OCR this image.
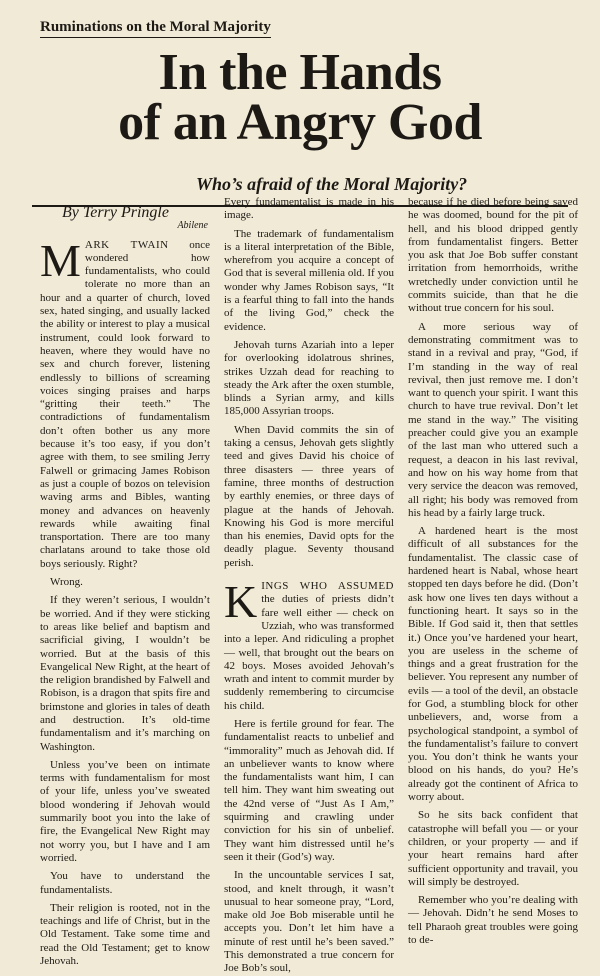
Ruminations on the Moral Majority
In the Hands
of an Angry God
Who’s afraid of the Moral Majority?
By Terry Pringle
Abilene

MARK TWAIN once wondered how fundamentalists, who could tolerate no more than an hour and a quarter of church, loved sex, hated singing, and usually lacked the ability or interest to play a musical instrument, could look forward to heaven, where they would have no sex and church forever, listening endlessly to billions of screaming voices singing praises and harps “gritting their teeth.” The contradictions of fundamentalism don’t often bother us any more because it’s too easy, if you don’t agree with them, to see smiling Jerry Falwell or grimacing James Robison as just a couple of bozos on television waving arms and Bibles, wanting money and advances on heavenly rewards while awaiting final transportation. There are too many charlatans around to take those old boys seriously. Right?

Wrong.

If they weren’t serious, I wouldn’t be worried. And if they were sticking to areas like belief and baptism and sacrificial giving, I wouldn’t be worried. But at the basis of this Evangelical New Right, at the heart of the religion brandished by Falwell and Robison, is a dragon that spits fire and brimstone and glories in tales of death and destruction. It’s old-time fundamentalism and it’s marching on Washington.

Unless you’ve been on intimate terms with fundamentalism for most of your life, unless you’ve sweated blood wondering if Jehovah would summarily boot you into the lake of fire, the Evangelical New Right may not worry you, but I have and I am worried.

You have to understand the fundamentalists.

Their religion is rooted, not in the teachings and life of Christ, but in the Old Testament. Take some time and read the Old Testament; get to know Jehovah.

Every fundamentalist is made in his image.

The trademark of fundamentalism is a literal interpretation of the Bible, wherefrom you acquire a concept of God that is several millenia old. If you wonder why James Robison says, “It is a fearful thing to fall into the hands of the living God,” check the evidence.

Jehovah turns Azariah into a leper for overlooking idolatrous shrines, strikes Uzzah dead for reaching to steady the Ark after the oxen stumble, blinds a Syrian army, and kills 185,000 Assyrian troops.

When David commits the sin of taking a census, Jehovah gets slightly teed and gives David his choice of three disasters — three years of famine, three months of destruction by earthly enemies, or three days of plague at the hands of Jehovah. Knowing his God is more merciful than his enemies, David opts for the deadly plague. Seventy thousand perish.

KINGS WHO ASSUMED the duties of priests didn’t fare well either — check on Uzziah, who was transformed into a leper. And ridiculing a prophet — well, that brought out the bears on 42 boys. Moses avoided Jehovah’s wrath and intent to commit murder by suddenly remembering to circumcise his child.

Here is fertile ground for fear. The fundamentalist reacts to unbelief and “immorality” much as Jehovah did. If an unbeliever wants to know where the fundamentalists want him, I can tell him. They want him sweating out the 42nd verse of “Just As I Am,” squirming and crawling under conviction for his sin of unbelief. They want him distressed until he’s seen it their (God’s) way.

In the uncountable services I sat, stood, and knelt through, it wasn’t unusual to hear someone pray, “Lord, make old Joe Bob miserable until he accepts you. Don’t let him have a minute of rest until he’s been saved.” This demonstrated a true concern for Joe Bob’s soul,

because if he died before being saved he was doomed, bound for the pit of hell, and his blood dripped gently from fundamentalist fingers. Better you ask that Joe Bob suffer constant irritation from hemorrhoids, writhe wretchedly under conviction until he commits suicide, than that he die without true concern for his soul.

A more serious way of demonstrating commitment was to stand in a revival and pray, “God, if I’m standing in the way of real revival, then just remove me. I don’t want to quench your spirit. I want this church to have true revival. Don’t let me stand in the way.” The visiting preacher could give you an example of the last man who uttered such a request, a deacon in his last revival, and how on his way home from that very service the deacon was removed, all right; his body was removed from his head by a fairly large truck.

A hardened heart is the most difficult of all substances for the fundamentalist. The classic case of hardened heart is Nabal, whose heart stopped ten days before he did. (Don’t ask how one lives ten days without a functioning heart. It says so in the Bible. If God said it, then that settles it.) Once you’ve hardened your heart, you are useless in the scheme of things and a great frustration for the believer. You represent any number of evils — a tool of the devil, an obstacle for God, a stumbling block for other unbelievers, and, worse from a psychological standpoint, a symbol of the fundamentalist’s failure to convert you. You don’t think he wants your blood on his hands, do you? He’s already got the continent of Africa to worry about.

So he sits back confident that catastrophe will befall you — or your children, or your property — and if your heart remains hard after sufficient opportunity and travail, you will simply be destroyed.

Remember who you’re dealing with — Jehovah. Didn’t he send Moses to tell Pharaoh great troubles were going to de-
